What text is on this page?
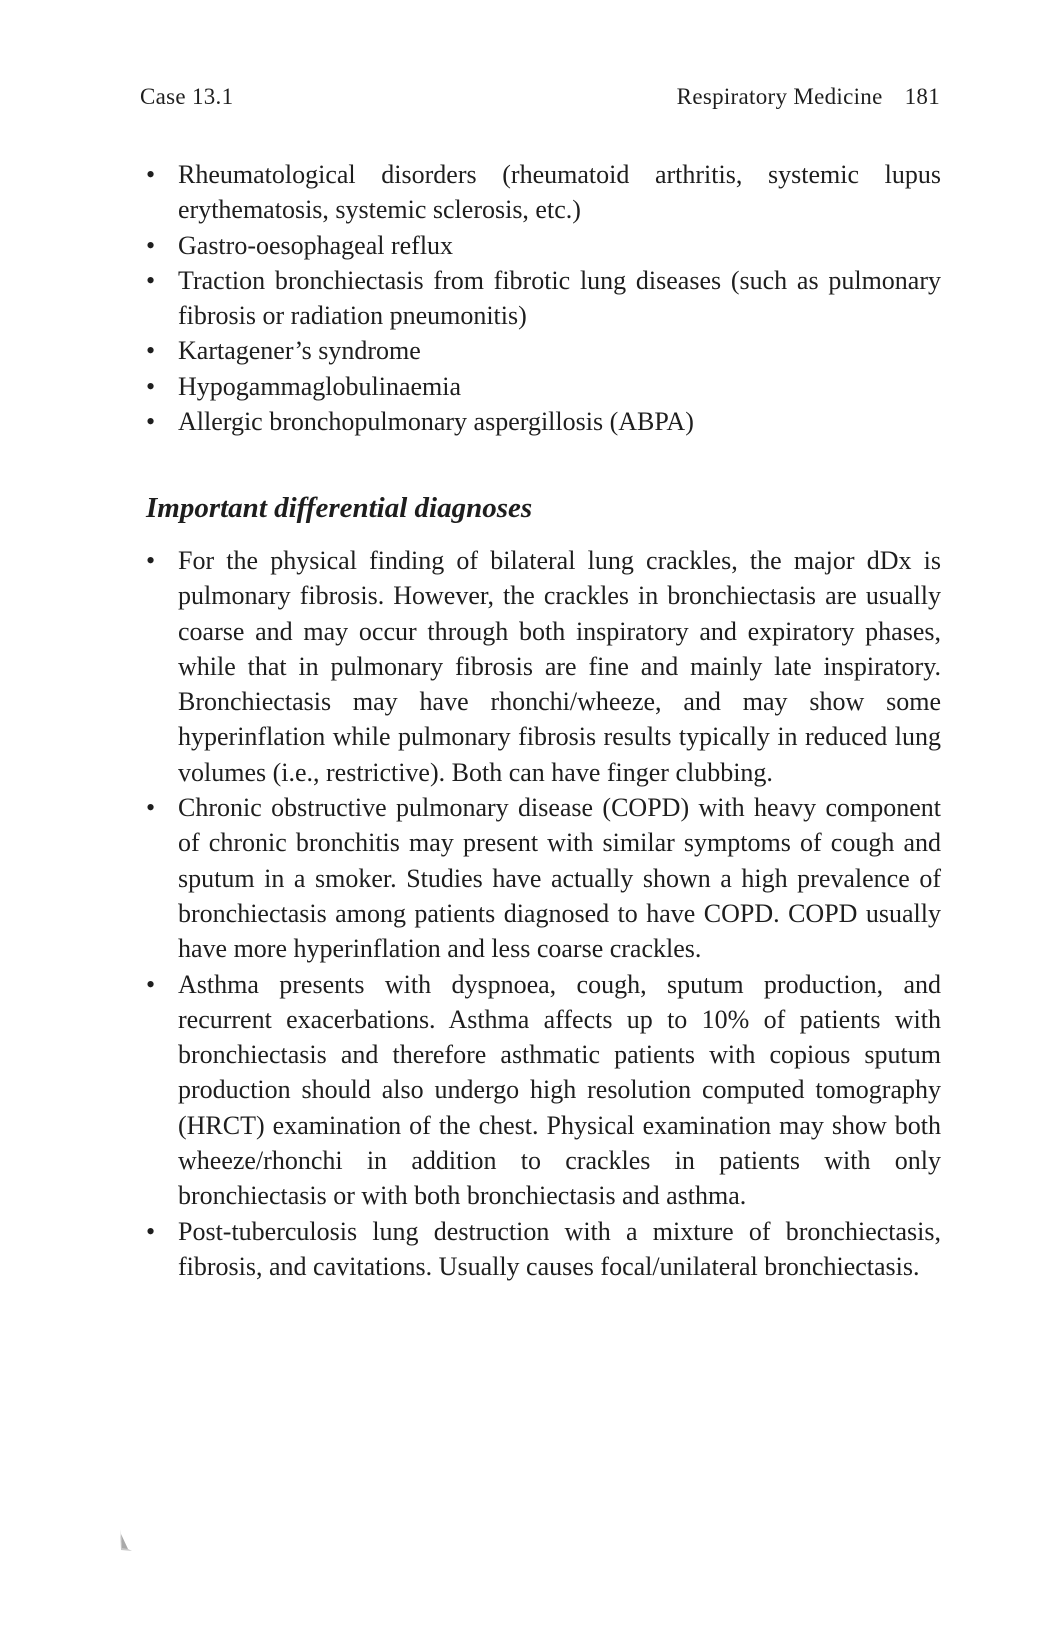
Case 13.1	Respiratory Medicine 181
• Rheumatological disorders (rheumatoid arthritis, systemic lupus erythematosis, systemic sclerosis, etc.)
• Gastro-oesophageal reflux
• Traction bronchiectasis from fibrotic lung diseases (such as pulmonary fibrosis or radiation pneumonitis)
• Kartagener’s syndrome
• Hypogammaglobulinaemia
• Allergic bronchopulmonary aspergillosis (ABPA)
Important differential diagnoses
• For the physical finding of bilateral lung crackles, the major dDx is pulmonary fibrosis. However, the crackles in bronchiectasis are usually coarse and may occur through both inspiratory and expiratory phases, while that in pulmonary fibrosis are fine and mainly late inspiratory. Bronchiectasis may have rhonchi/wheeze, and may show some hyperinflation while pulmonary fibrosis results typically in reduced lung volumes (i.e., restrictive). Both can have finger clubbing.
• Chronic obstructive pulmonary disease (COPD) with heavy component of chronic bronchitis may present with similar symptoms of cough and sputum in a smoker. Studies have actually shown a high prevalence of bronchiectasis among patients diagnosed to have COPD. COPD usually have more hyperinflation and less coarse crackles.
• Asthma presents with dyspnoea, cough, sputum production, and recurrent exacerbations. Asthma affects up to 10% of patients with bronchiectasis and therefore asthmatic patients with copious sputum production should also undergo high resolution computed tomography (HRCT) examination of the chest. Physical examination may show both wheeze/rhonchi in addition to crackles in patients with only bronchiectasis or with both bronchiectasis and asthma.
• Post-tuberculosis lung destruction with a mixture of bronchiectasis, fibrosis, and cavitations. Usually causes focal/unilateral bronchiectasis.
